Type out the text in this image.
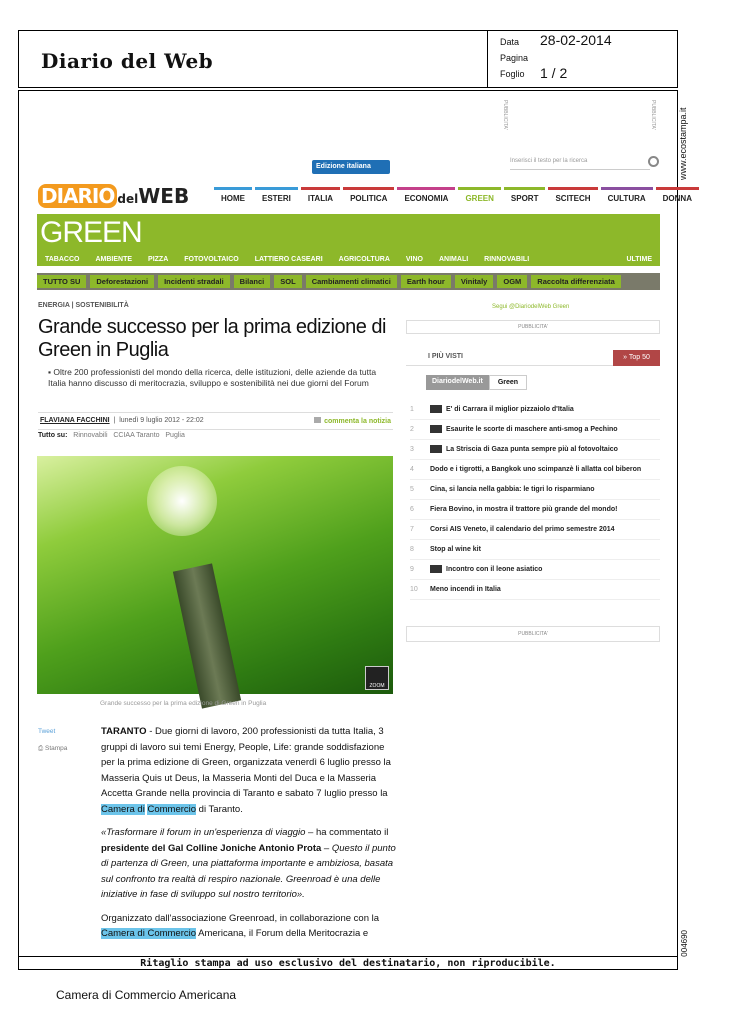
Diario del Web
Data 28-02-2014
Pagina
Foglio 1 / 2
www.ecostampa.it
004690
PUBBLICITA'	PUBBLICITA'
Edizione italiana
Inserisci il testo per la ricerca
DIARIO delWEB	HOME	ESTERI	ITALIA	POLITICA	ECONOMIA	GREEN	SPORT	SCITECH	CULTURA	DONNA
GREEN
TABACCO AMBIENTE PIZZA FOTOVOLTAICO LATTIERO CASEARI AGRICOLTURA VINO ANIMALI RINNOVABILI	ULTIME
TUTTO SU	Deforestazioni	Incidenti stradali	Bilanci	SOL	Cambiamenti climatici	Earth hour	Vinitaly	OGM	Raccolta differenziata
ENERGIA | SOSTENIBILITÀ
Grande successo per la prima edizione di Green in Puglia
▪ Oltre 200 professionisti del mondo della ricerca, delle istituzioni, delle aziende da tutta Italia hanno discusso di meritocrazia, sviluppo e sostenibilità nei due giorni del Forum
FLAVIANA FACCHINI  |  lunedì 9 luglio 2012 - 22:02	commenta la notizia
Tutto su: Rinnovabili CCIAA Taranto Puglia
ZOOM
Grande successo per la prima edizione di Green in Puglia
Tweet
⎙ Stampa

TARANTO - Due giorni di lavoro, 200 professionisti da tutta Italia, 3 gruppi di lavoro sui temi Energy, People, Life: grande soddisfazione per la prima edizione di Green, organizzata venerdì 6 luglio presso la Masseria Quis ut Deus, la Masseria Monti del Duca e la Masseria Accetta Grande nella provincia di Taranto e sabato 7 luglio presso la Camera di Commercio di Taranto.

«Trasformare il forum in un'esperienza di viaggio – ha commentato il presidente del Gal Colline Joniche Antonio Prota – Questo il punto di partenza di Green, una piattaforma importante e ambiziosa, basata sul confronto tra realtà di respiro nazionale. Greenroad è una delle iniziative in fase di sviluppo sul nostro territorio».

Organizzato dall'associazione Greenroad, in collaborazione con la Camera di Commercio Americana, il Forum della Meritocrazia e

Segui @DiariodelWeb Green
PUBBLICITA'
I PIÙ VISTI	» Top 50
DiariodelWeb.it	Green
1	E' di Carrara il miglior pizzaiolo d'Italia
2	Esaurite le scorte di maschere anti-smog a Pechino
3	La Striscia di Gaza punta sempre più al fotovoltaico
4	Dodo e i tigrotti, a Bangkok uno scimpanzè li allatta col biberon
5	Cina, si lancia nella gabbia: le tigri lo risparmiano
6	Fiera Bovino, in mostra il trattore più grande del mondo!
7	Corsi AIS Veneto, il calendario del primo semestre 2014
8	Stop al wine kit
9	Incontro con il leone asiatico
10	Meno incendi in Italia
PUBBLICITA'
Ritaglio stampa ad uso esclusivo del destinatario, non riproducibile.
Camera di Commercio Americana
